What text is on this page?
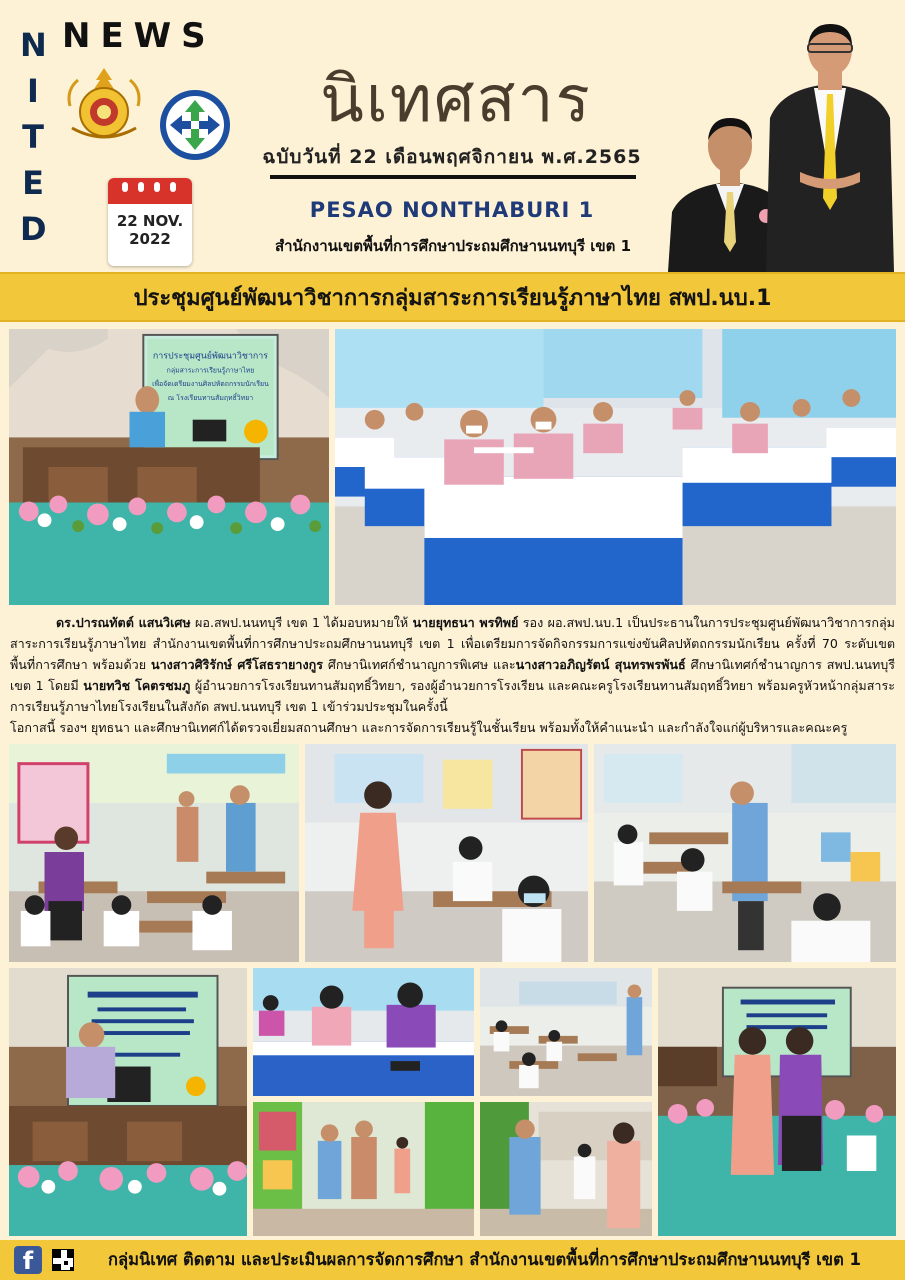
N
I
T
E
D
NEWS
22 NOV.
2022
นิเทศสาร
ฉบับวันที่ 22 เดือนพฤศจิกายน พ.ศ.2565
PESAO NONTHABURI 1
สำนักงานเขตพื้นที่การศึกษาประถมศึกษานนทบุรี เขต 1
ประชุมศูนย์พัฒนาวิชาการกลุ่มสาระการเรียนรู้ภาษาไทย สพป.นบ.1
การประชุมศูนย์พัฒนาวิชาการ
กลุ่มสาระการเรียนรู้ภาษาไทย
เพื่อจัดเตรียมงานศิลปหัตถกรรมนักเรียน
ณ โรงเรียนทานสัมฤทธิ์วิทยา

ดร.ปารณทัตต์ แสนวิเศษ ผอ.สพป.นนทบุรี เขต 1 ได้มอบหมายให้ นายยุทธนา พรทิพย์ รอง ผอ.สพป.นบ.1 เป็นประธานในการประชุมศูนย์พัฒนาวิชาการกลุ่มสาระการเรียนรู้ภาษาไทย สำนักงานเขตพื้นที่การศึกษาประถมศึกษานนทบุรี เขต 1 เพื่อเตรียมการจัดกิจกรรมการแข่งขันศิลปหัตถกรรมนักเรียน ครั้งที่ 70 ระดับเขตพื้นที่การศึกษา พร้อมด้วย นางสาวศิริรักษ์ ศรีโสธรายางกูร ศึกษานิเทศก์ชำนาญการพิเศษ และนางสาวอภิญรัตน์ สุนทรพรพันธ์ ศึกษานิเทศก์ชำนาญการ สพป.นนทบุรี เขต 1 โดยมี นายทวิช โคตรชมภู ผู้อำนวยการโรงเรียนทานสัมฤทธิ์วิทยา, รองผู้อำนวยการโรงเรียน และคณะครูโรงเรียนทานสัมฤทธิ์วิทยา พร้อมครูหัวหน้ากลุ่มสาระการเรียนรู้ภาษาไทยโรงเรียนในสังกัด สพป.นนทบุรี เขต 1 เข้าร่วมประชุมในครั้งนี้

โอกาสนี้ รองฯ ยุทธนา และศึกษานิเทศก์ได้ตรวจเยี่ยมสถานศึกษา และการจัดการเรียนรู้ในชั้นเรียน พร้อมทั้งให้คำแนะนำ และกำลังใจแก่ผู้บริหารและคณะครู

f	กลุ่มนิเทศ ติดตาม และประเมินผลการจัดการศึกษา สำนักงานเขตพื้นที่การศึกษาประถมศึกษานนทบุรี เขต 1
